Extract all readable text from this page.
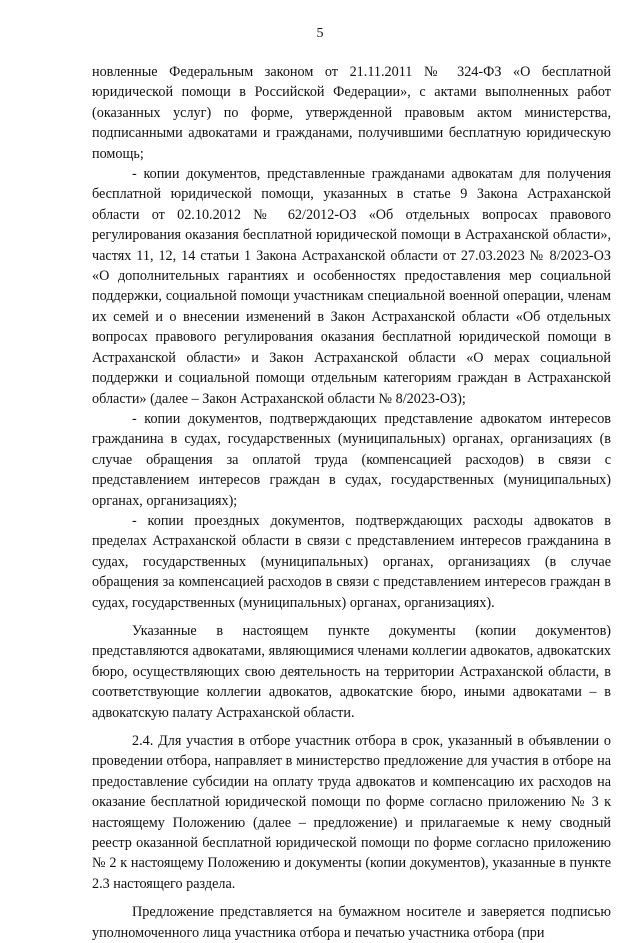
5

новленные Федеральным законом от 21.11.2011 № 324-ФЗ «О бесплатной юридической помощи в Российской Федерации», с актами выполненных работ (оказанных услуг) по форме, утвержденной правовым актом министерства, подписанными адвокатами и гражданами, получившими бесплатную юридическую помощь;

- копии документов, представленные гражданами адвокатам для получения бесплатной юридической помощи, указанных в статье 9 Закона Астраханской области от 02.10.2012 № 62/2012-ОЗ «Об отдельных вопросах правового регулирования оказания бесплатной юридической помощи в Астраханской области», частях 11, 12, 14 статьи 1 Закона Астраханской области от 27.03.2023 № 8/2023-ОЗ «О дополнительных гарантиях и особенностях предоставления мер социальной поддержки, социальной помощи участникам специальной военной операции, членам их семей и о внесении изменений в Закон Астраханской области «Об отдельных вопросах правового регулирования оказания бесплатной юридической помощи в Астраханской области» и Закон Астраханской области «О мерах социальной поддержки и социальной помощи отдельным категориям граждан в Астраханской области» (далее – Закон Астраханской области № 8/2023-ОЗ);

- копии документов, подтверждающих представление адвокатом интересов гражданина в судах, государственных (муниципальных) органах, организациях (в случае обращения за оплатой труда (компенсацией расходов) в связи с представлением интересов граждан в судах, государственных (муниципальных) органах, организациях);

- копии проездных документов, подтверждающих расходы адвокатов в пределах Астраханской области в связи с представлением интересов гражданина в судах, государственных (муниципальных) органах, организациях (в случае обращения за компенсацией расходов в связи с представлением интересов граждан в судах, государственных (муниципальных) органах, организациях).

Указанные в настоящем пункте документы (копии документов) представляются адвокатами, являющимися членами коллегии адвокатов, адвокатских бюро, осуществляющих свою деятельность на территории Астраханской области, в соответствующие коллегии адвокатов, адвокатские бюро, иными адвокатами – в адвокатскую палату Астраханской области.

2.4. Для участия в отборе участник отбора в срок, указанный в объявлении о проведении отбора, направляет в министерство предложение для участия в отборе на предоставление субсидии на оплату труда адвокатов и компенсацию их расходов на оказание бесплатной юридической помощи по форме согласно приложению № 3 к настоящему Положению (далее – предложение) и прилагаемые к нему сводный реестр оказанной бесплатной юридической помощи по форме согласно приложению № 2 к настоящему Положению и документы (копии документов), указанные в пункте 2.3 настоящего раздела.

Предложение представляется на бумажном носителе и заверяется подписью уполномоченного лица участника отбора и печатью участника отбора (при
